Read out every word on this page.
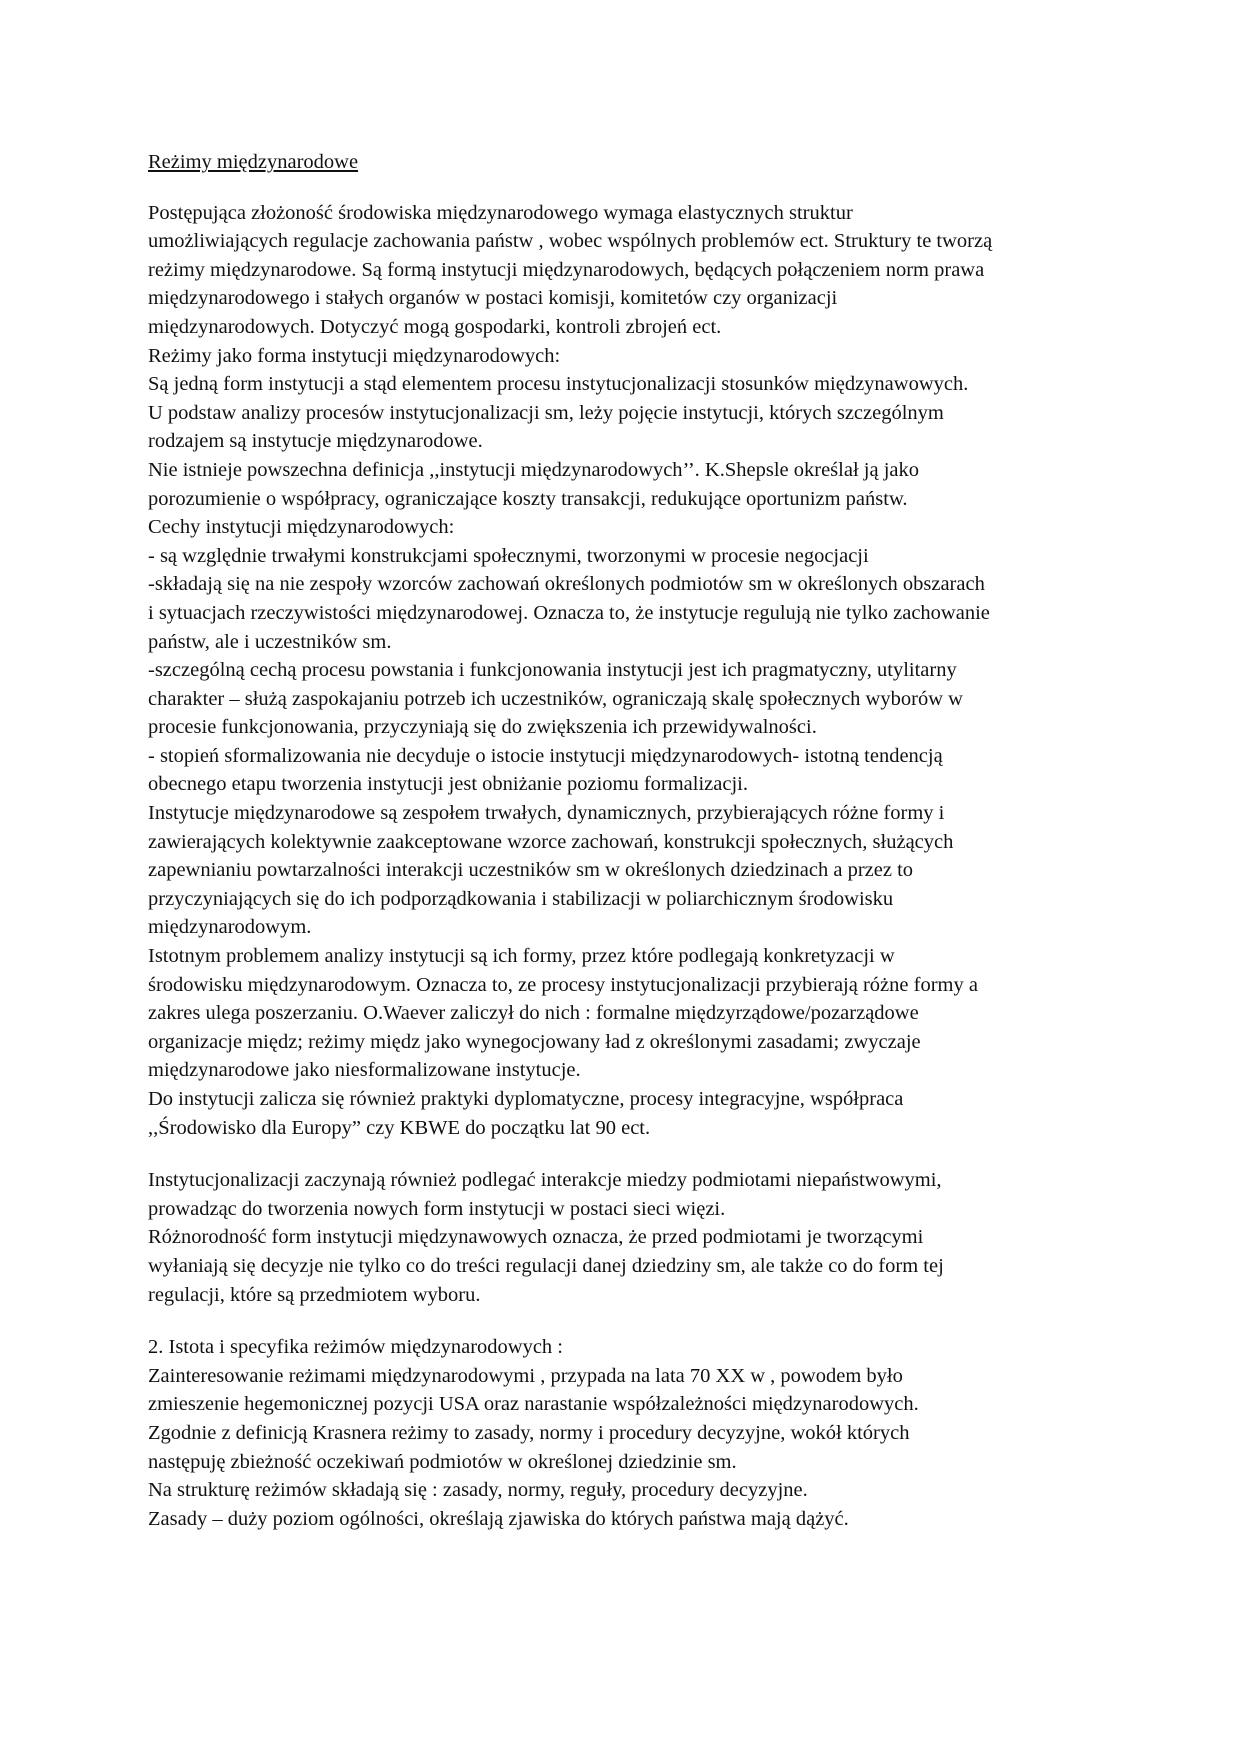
Reżimy międzynarodowe

Postępująca złożoność środowiska międzynarodowego wymaga elastycznych struktur

umożliwiających regulacje zachowania państw , wobec wspólnych problemów ect. Struktury te tworzą

reżimy międzynarodowe. Są formą instytucji międzynarodowych, będących połączeniem norm prawa

międzynarodowego i stałych organów w postaci komisji, komitetów czy organizacji

międzynarodowych. Dotyczyć mogą gospodarki, kontroli zbrojeń ect.

Reżimy jako forma instytucji międzynarodowych:

Są jedną form instytucji a stąd elementem procesu instytucjonalizacji stosunków międzynawowych.

U podstaw analizy procesów instytucjonalizacji sm, leży pojęcie instytucji, których szczególnym

rodzajem są instytucje międzynarodowe.

Nie istnieje powszechna definicja ,,instytucji międzynarodowych’’. K.Shepsle określał ją jako

porozumienie o współpracy, ograniczające koszty transakcji, redukujące oportunizm państw.

Cechy instytucji międzynarodowych:

- są względnie trwałymi konstrukcjami społecznymi, tworzonymi w procesie negocjacji

-składają się na nie zespoły wzorców zachowań określonych podmiotów sm w określonych obszarach

i sytuacjach rzeczywistości międzynarodowej. Oznacza to, że instytucje regulują nie tylko zachowanie

państw, ale i uczestników sm.

-szczególną cechą procesu powstania i funkcjonowania instytucji jest ich pragmatyczny, utylitarny

charakter – służą zaspokajaniu potrzeb ich uczestników, ograniczają skalę społecznych wyborów w

procesie funkcjonowania, przyczyniają się do zwiększenia ich przewidywalności.

- stopień sformalizowania nie decyduje o istocie instytucji międzynarodowych- istotną tendencją

obecnego etapu tworzenia instytucji jest obniżanie poziomu formalizacji.

Instytucje międzynarodowe są zespołem trwałych, dynamicznych, przybierających różne formy i

zawierających kolektywnie zaakceptowane wzorce zachowań, konstrukcji społecznych, służących

zapewnianiu powtarzalności interakcji uczestników sm w określonych dziedzinach a przez to

przyczyniających się do ich podporządkowania i stabilizacji w poliarchicznym środowisku

międzynarodowym.

Istotnym problemem analizy instytucji są ich formy, przez które podlegają konkretyzacji w

środowisku międzynarodowym. Oznacza to, ze procesy instytucjonalizacji przybierają różne formy a

zakres ulega poszerzaniu. O.Waever zaliczył do nich : formalne międzyrządowe/pozarządowe

organizacje międz; reżimy międz jako wynegocjowany ład z określonymi zasadami; zwyczaje

międzynarodowe jako niesformalizowane instytucje.

Do instytucji zalicza się również praktyki dyplomatyczne, procesy integracyjne, współpraca

,,Środowisko dla Europy” czy KBWE do początku lat 90 ect.

Instytucjonalizacji zaczynają również podlegać interakcje miedzy podmiotami niepaństwowymi,

prowadząc do tworzenia nowych form instytucji w postaci sieci więzi.

Różnorodność form instytucji międzynawowych oznacza, że przed podmiotami je tworzącymi

wyłaniają się decyzje nie tylko co do treści regulacji danej dziedziny sm, ale także co do form tej

regulacji, które są przedmiotem wyboru.

2. Istota i specyfika reżimów międzynarodowych :

Zainteresowanie reżimami międzynarodowymi , przypada na lata 70 XX w , powodem było

zmieszenie hegemonicznej pozycji USA oraz narastanie współzależności międzynarodowych.

Zgodnie z definicją Krasnera reżimy to zasady, normy i procedury decyzyjne, wokół których

następuję zbieżność oczekiwań podmiotów w określonej dziedzinie sm.

Na strukturę reżimów składają się : zasady, normy, reguły, procedury decyzyjne.

Zasady – duży poziom ogólności, określają zjawiska do których państwa mają dążyć.
